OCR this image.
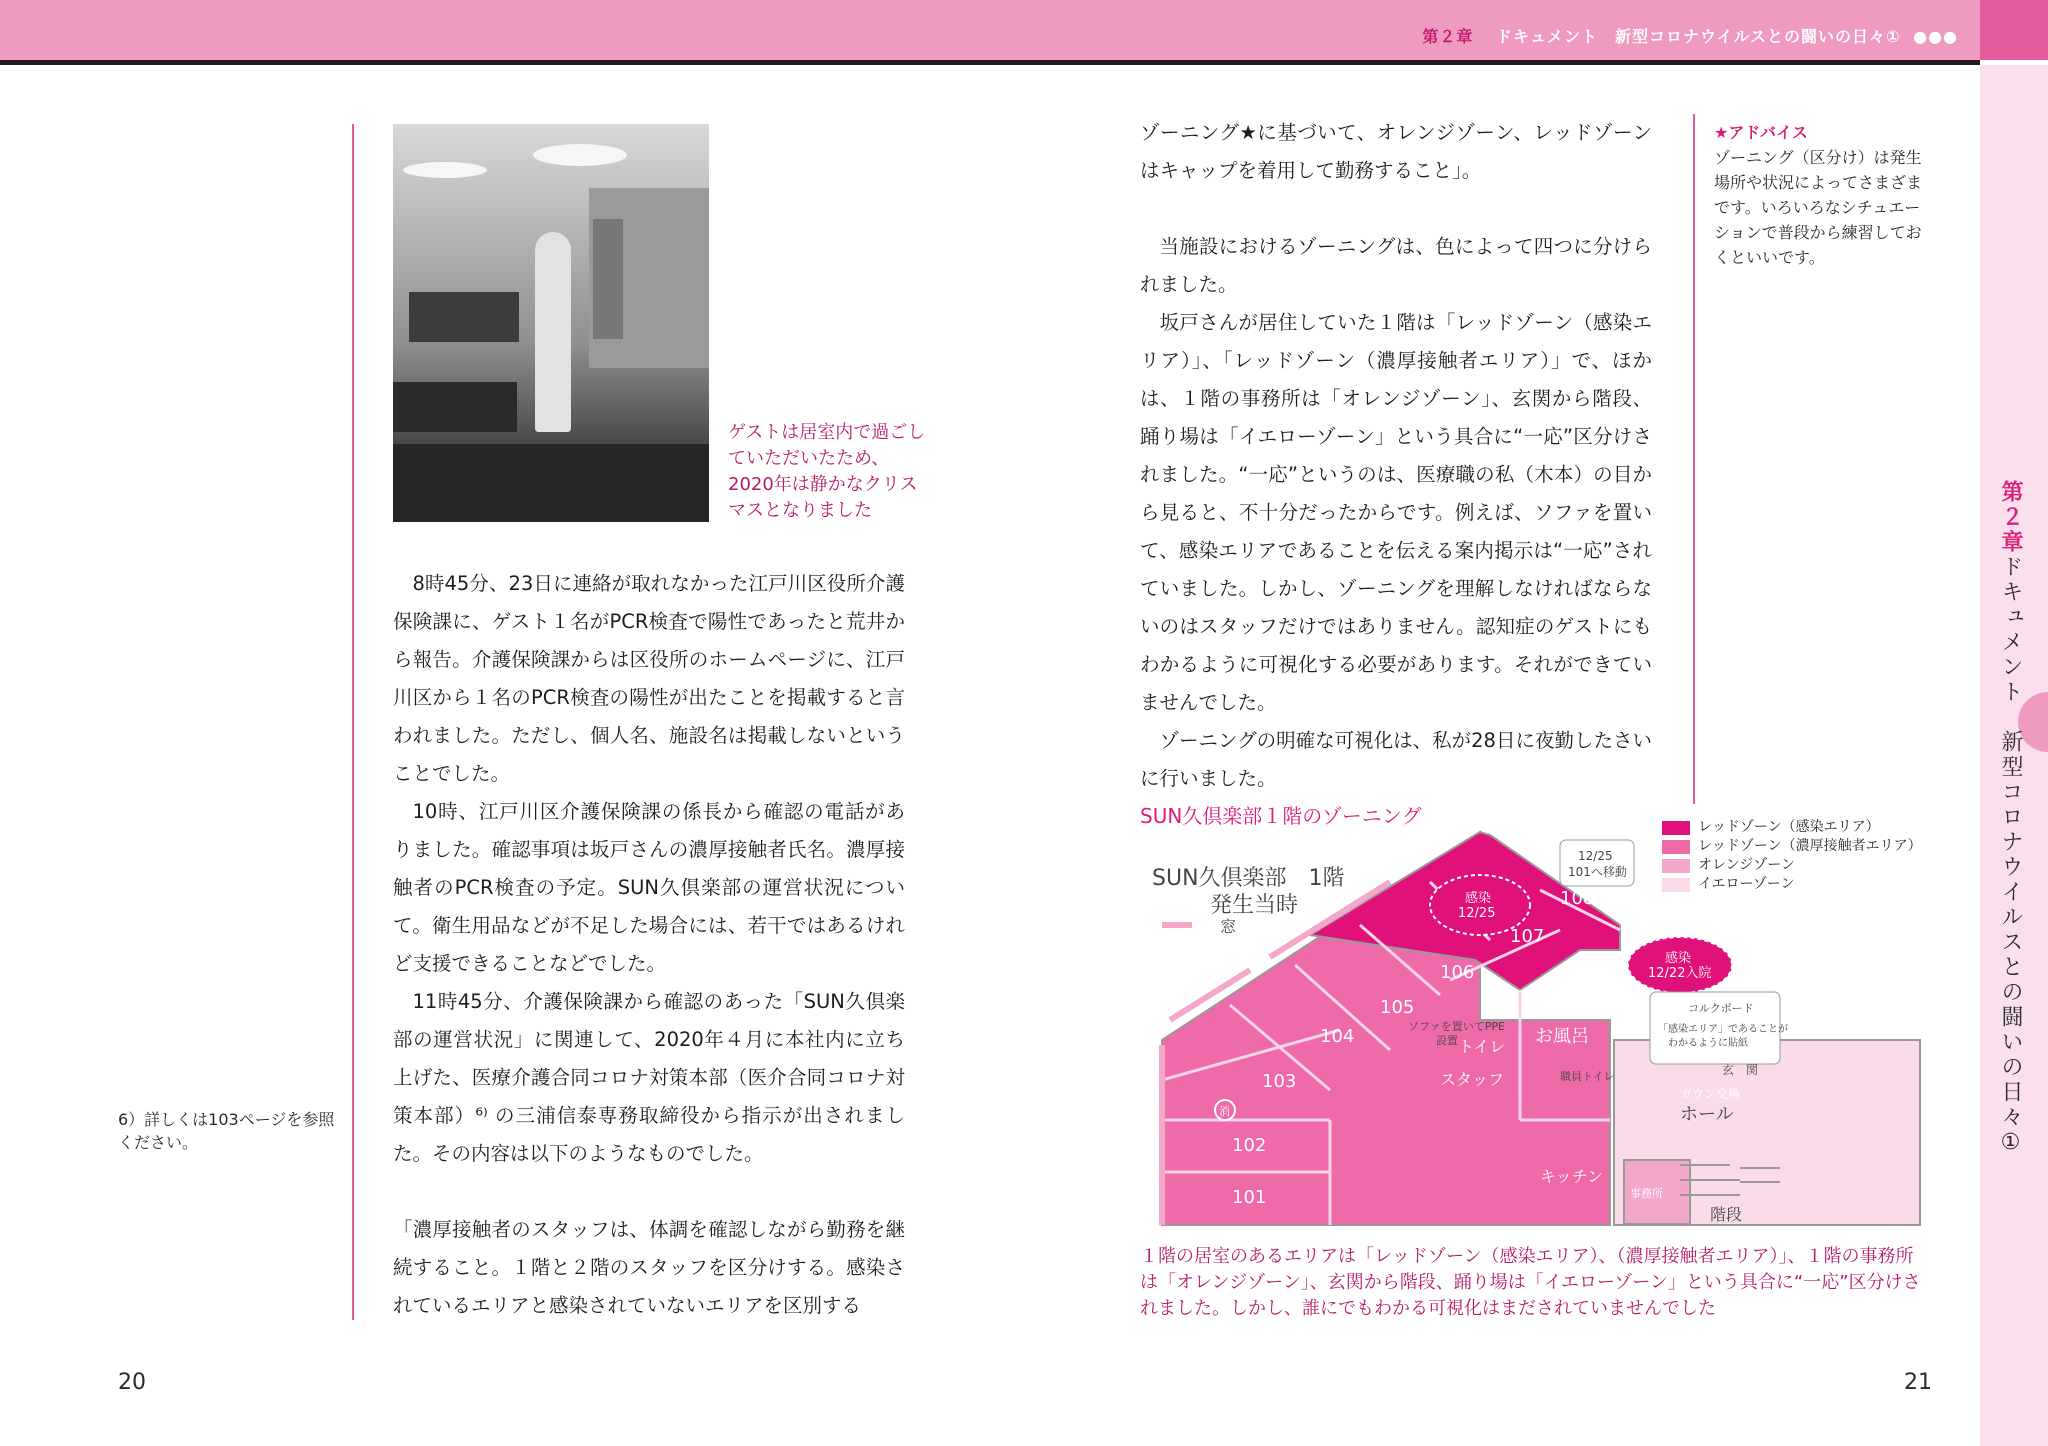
第２章 ドキュメント　新型コロナウイルスとの闘いの日々① ●●●
第２章ドキュメント　新型コロナウイルスとの闘いの日々①
ゲストは居室内で過ごしていただいたため、2020年は静かなクリスマスとなりました

8時45分、23日に連絡が取れなかった江戸川区役所介護保険課に、ゲスト１名がPCR検査で陽性であったと荒井から報告。介護保険課からは区役所のホームページに、江戸川区から１名のPCR検査の陽性が出たことを掲載すると言われました。ただし、個人名、施設名は掲載しないということでした。

10時、江戸川区介護保険課の係長から確認の電話がありました。確認事項は坂戸さんの濃厚接触者氏名。濃厚接触者のPCR検査の予定。SUN久倶楽部の運営状況について。衛生用品などが不足した場合には、若干ではあるけれど支援できることなどでした。

11時45分、介護保険課から確認のあった「SUN久倶楽部の運営状況」に関連して、2020年４月に本社内に立ち上げた、医療介護合同コロナ対策本部（医介合同コロナ対策本部）⁶⁾ の三浦信泰専務取締役から指示が出されました。その内容は以下のようなものでした。

「濃厚接触者のスタッフは、体調を確認しながら勤務を継続すること。１階と２階のスタッフを区分けする。感染されているエリアと感染されていないエリアを区別する

ゾーニング★に基づいて、オレンジゾーン、レッドゾーンはキャップを着用して勤務すること」。

当施設におけるゾーニングは、色によって四つに分けられました。

坂戸さんが居住していた１階は「レッドゾーン（感染エリア）」、「レッドゾーン（濃厚接触者エリア）」で、ほかは、１階の事務所は「オレンジゾーン」、玄関から階段、踊り場は「イエローゾーン」という具合に“一応”区分けされました。“一応”というのは、医療職の私（木本）の目から見ると、不十分だったからです。例えば、ソファを置いて、感染エリアであることを伝える案内掲示は“一応”されていました。しかし、ゾーニングを理解しなければならないのはスタッフだけではありません。認知症のゲストにもわかるように可視化する必要があります。それができていませんでした。

ゾーニングの明確な可視化は、私が28日に夜勤したさいに行いました。

★アドバイス
ゾーニング（区分け）は発生場所や状況によってさまざまです。いろいろなシチュエーションで普段から練習しておくといいです。
6）詳しくは103ページを参照ください。
20	21
SUN久倶楽部１階のゾーニング	レッドゾーン（感染エリア）
レッドゾーン（濃厚接触者エリア）
オレンジゾーン
イエローゾーン
SUN久倶楽部　1階
発生当時
窓
101
102
103
104
105
106
107
108
12/25
101へ移動
感染
12/25
感染
12/22入院
トイレ
トイレ
職員トイレ
お風呂
スタッフ
ソファを置いてPPE
設置
キッチン
事務所
階段
玄　関
ガウン交換
ホール
消
コルクボード
「感染エリア」であることが
わかるように貼紙
１階の居室のあるエリアは「レッドゾーン（感染エリア）、（濃厚接触者エリア）」、１階の事務所は「オレンジゾーン」、玄関から階段、踊り場は「イエローゾーン」という具合に“一応”区分けされました。しかし、誰にでもわかる可視化はまだされていませんでした
